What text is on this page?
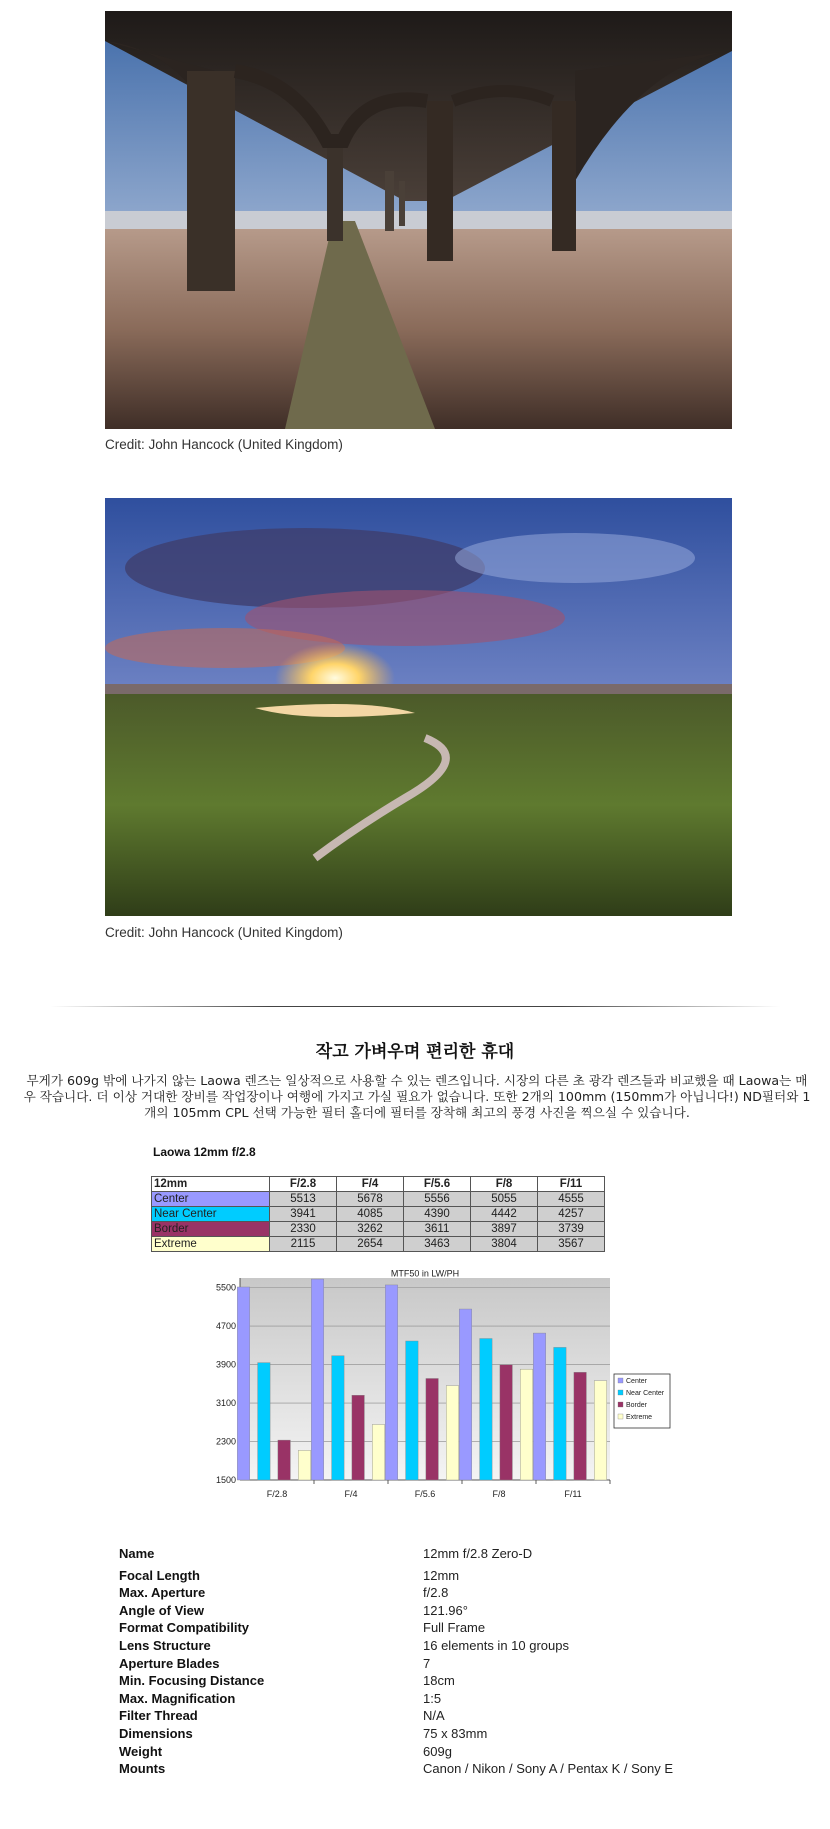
Credit: John Hancock (United Kingdom)
Credit: John Hancock (United Kingdom)
작고 가벼우며 편리한 휴대
무게가 609g 밖에 나가지 않는 Laowa 렌즈는 일상적으로 사용할 수 있는 렌즈입니다. 시장의 다른 초 광각 렌즈들과 비교했을 때 Laowa는 매우 작습니다. 더 이상 거대한 장비를 작업장이나 여행에 가지고 가실 필요가 없습니다. 또한 2개의 100mm (150mm가 아닙니다!) ND필터와 1개의 105mm CPL 선택 가능한 필터 홀더에 필터를 장착해 최고의 풍경 사진을 찍으실 수 있습니다.
Laowa 12mm f/2.8
12mm	F/2.8	F/4	F/5.6	F/8	F/11
Center	5513	5678	5556	5055	4555
Near Center	3941	4085	4390	4442	4257
Border	2330	3262	3611	3897	3739
Extreme	2115	2654	3463	3804	3567
MTF50 in LW/PH
5500
4700
3900
3100
2300
1500
F/2.8	F/4	F/5.6	F/8	F/11
Center
Near Center
Border
Extreme
Name	12mm f/2.8 Zero-D
Focal Length	12mm
Max. Aperture	f/2.8
Angle of View	121.96°
Format Compatibility	Full Frame
Lens Structure	16 elements in 10 groups
Aperture Blades	7
Min. Focusing Distance	18cm
Max. Magnification	1:5
Filter Thread	N/A
Dimensions	75 x 83mm
Weight	609g
Mounts	Canon / Nikon / Sony A / Pentax K / Sony E
